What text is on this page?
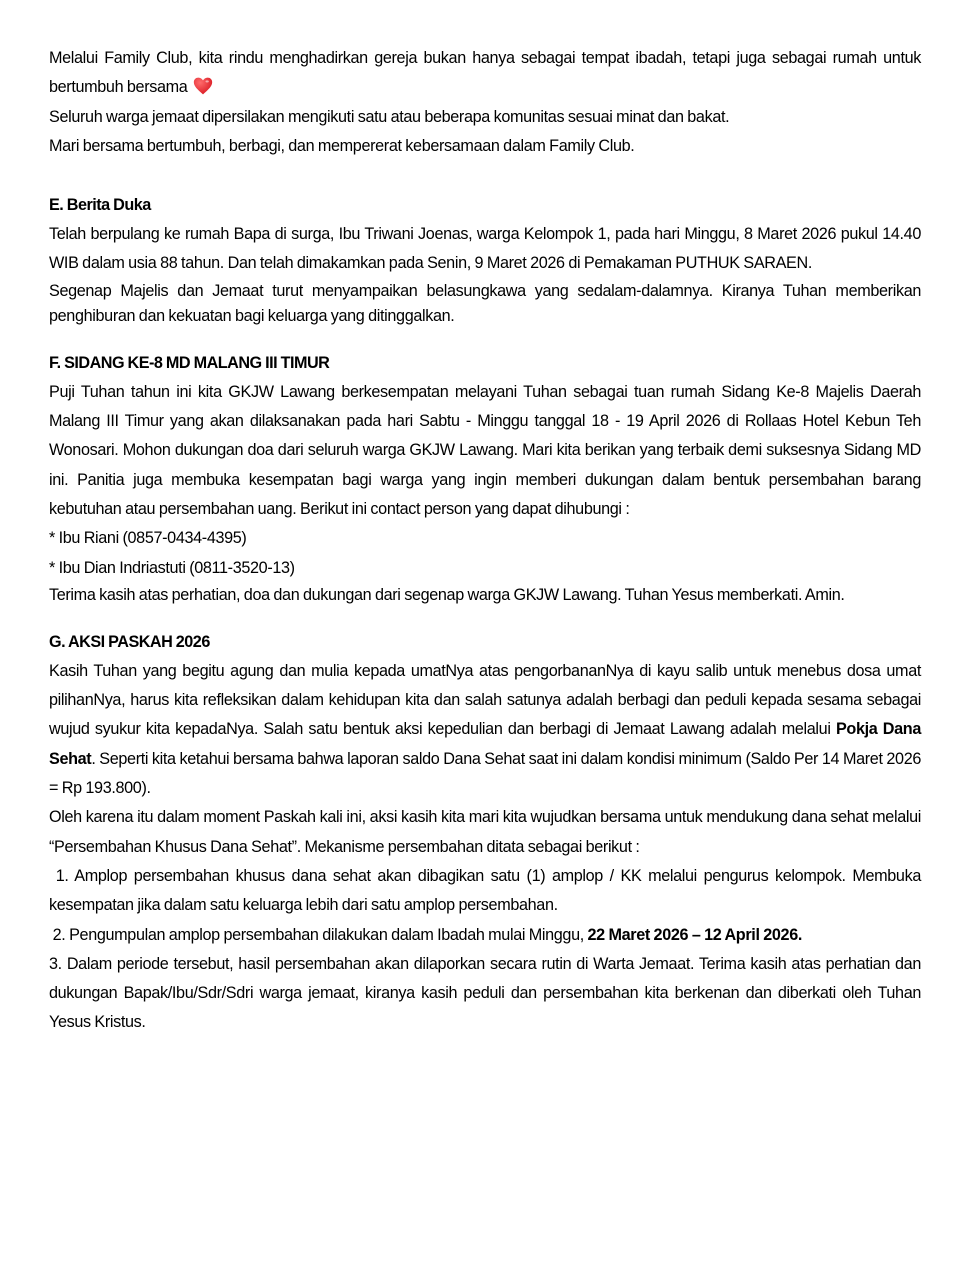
Melalui Family Club, kita rindu menghadirkan gereja bukan hanya sebagai tempat ibadah, tetapi juga sebagai rumah untuk bertumbuh bersama

Seluruh warga jemaat dipersilakan mengikuti satu atau beberapa komunitas sesuai minat dan bakat.

Mari bersama bertumbuh, berbagi, dan mempererat kebersamaan dalam Family Club.

E. Berita Duka

Telah berpulang ke rumah Bapa di surga, Ibu Triwani Joenas, warga Kelompok 1, pada hari Minggu, 8 Maret 2026 pukul 14.40 WIB dalam usia 88 tahun. Dan telah dimakamkan pada Senin, 9 Maret 2026 di Pemakaman PUTHUK SARAEN.

Segenap Majelis dan Jemaat turut menyampaikan belasungkawa yang sedalam-dalamnya. Kiranya Tuhan memberikan penghiburan dan kekuatan bagi keluarga yang ditinggalkan.

F. SIDANG KE-8 MD MALANG III TIMUR

Puji Tuhan tahun ini kita GKJW Lawang berkesempatan melayani Tuhan sebagai tuan rumah Sidang Ke-8 Majelis Daerah Malang III Timur yang akan dilaksanakan pada hari Sabtu - Minggu tanggal 18 - 19 April 2026 di Rollaas Hotel Kebun Teh Wonosari. Mohon dukungan doa dari seluruh warga GKJW Lawang. Mari kita berikan yang terbaik demi suksesnya Sidang MD ini. Panitia juga membuka kesempatan bagi warga yang ingin memberi dukungan dalam bentuk persembahan barang kebutuhan atau persembahan uang. Berikut ini contact person yang dapat dihubungi :

* Ibu Riani (0857-0434-4395)

* Ibu Dian Indriastuti (0811-3520-13)

Terima kasih atas perhatian, doa dan dukungan dari segenap warga GKJW Lawang. Tuhan Yesus memberkati. Amin.

G. AKSI PASKAH 2026

Kasih Tuhan yang begitu agung dan mulia kepada umatNya atas pengorbananNya di kayu salib untuk menebus dosa umat pilihanNya, harus kita refleksikan dalam kehidupan kita dan salah satunya adalah berbagi dan peduli kepada sesama sebagai wujud syukur kita kepadaNya. Salah satu bentuk aksi kepedulian dan berbagi di Jemaat Lawang adalah melalui Pokja Dana Sehat. Seperti kita ketahui bersama bahwa laporan saldo Dana Sehat saat ini dalam kondisi minimum (Saldo Per 14 Maret 2026 = Rp 193.800).

Oleh karena itu dalam moment Paskah kali ini, aksi kasih kita mari kita wujudkan bersama untuk mendukung dana sehat melalui “Persembahan Khusus Dana Sehat”. Mekanisme persembahan ditata sebagai berikut :

1. Amplop persembahan khusus dana sehat akan dibagikan satu (1) amplop / KK melalui pengurus kelompok. Membuka kesempatan jika dalam satu keluarga lebih dari satu amplop persembahan.

2. Pengumpulan amplop persembahan dilakukan dalam Ibadah mulai Minggu, 22 Maret 2026 – 12 April 2026.

3. Dalam periode tersebut, hasil persembahan akan dilaporkan secara rutin di Warta Jemaat. Terima kasih atas perhatian dan dukungan Bapak/Ibu/Sdr/Sdri warga jemaat, kiranya kasih peduli dan persembahan kita berkenan dan diberkati oleh Tuhan Yesus Kristus.
